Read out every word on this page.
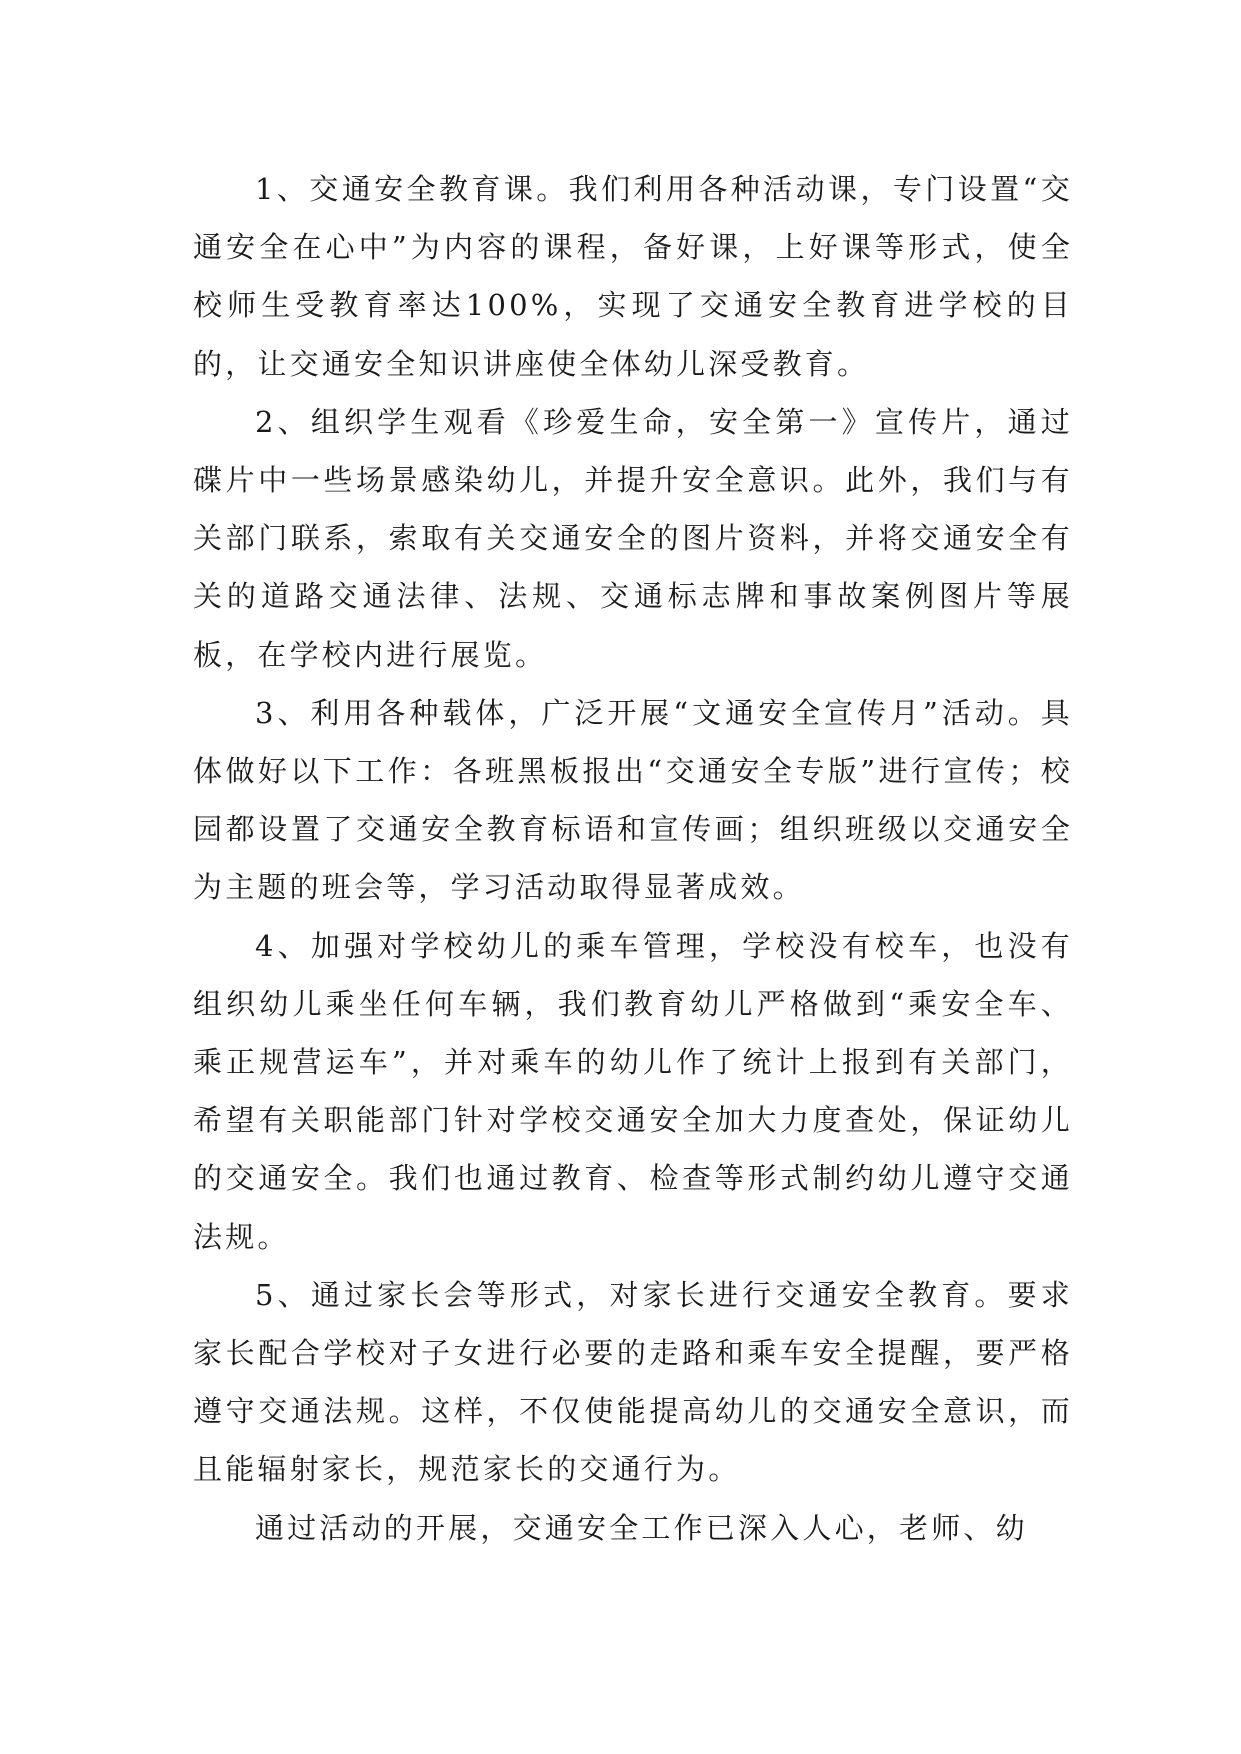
1、交通安全教育课。我们利用各种活动课，专门设置“交通安全在心中”为内容的课程，备好课，上好课等形式，使全校师生受教育率达100%，实现了交通安全教育进学校的目的，让交通安全知识讲座使全体幼儿深受教育。

2、组织学生观看《珍爱生命，安全第一》宣传片，通过碟片中一些场景感染幼儿，并提升安全意识。此外，我们与有关部门联系，索取有关交通安全的图片资料，并将交通安全有关的道路交通法律、法规、交通标志牌和事故案例图片等展板，在学校内进行展览。

3、利用各种载体，广泛开展“文通安全宣传月”活动。具体做好以下工作：各班黑板报出“交通安全专版”进行宣传；校园都设置了交通安全教育标语和宣传画；组织班级以交通安全为主题的班会等，学习活动取得显著成效。

4、加强对学校幼儿的乘车管理，学校没有校车，也没有组织幼儿乘坐任何车辆，我们教育幼儿严格做到“乘安全车、乘正规营运车”，并对乘车的幼儿作了统计上报到有关部门，希望有关职能部门针对学校交通安全加大力度查处，保证幼儿的交通安全。我们也通过教育、检查等形式制约幼儿遵守交通法规。

5、通过家长会等形式，对家长进行交通安全教育。要求家长配合学校对子女进行必要的走路和乘车安全提醒，要严格遵守交通法规。这样，不仅使能提高幼儿的交通安全意识，而且能辐射家长，规范家长的交通行为。

通过活动的开展，交通安全工作已深入人心，老师、幼
